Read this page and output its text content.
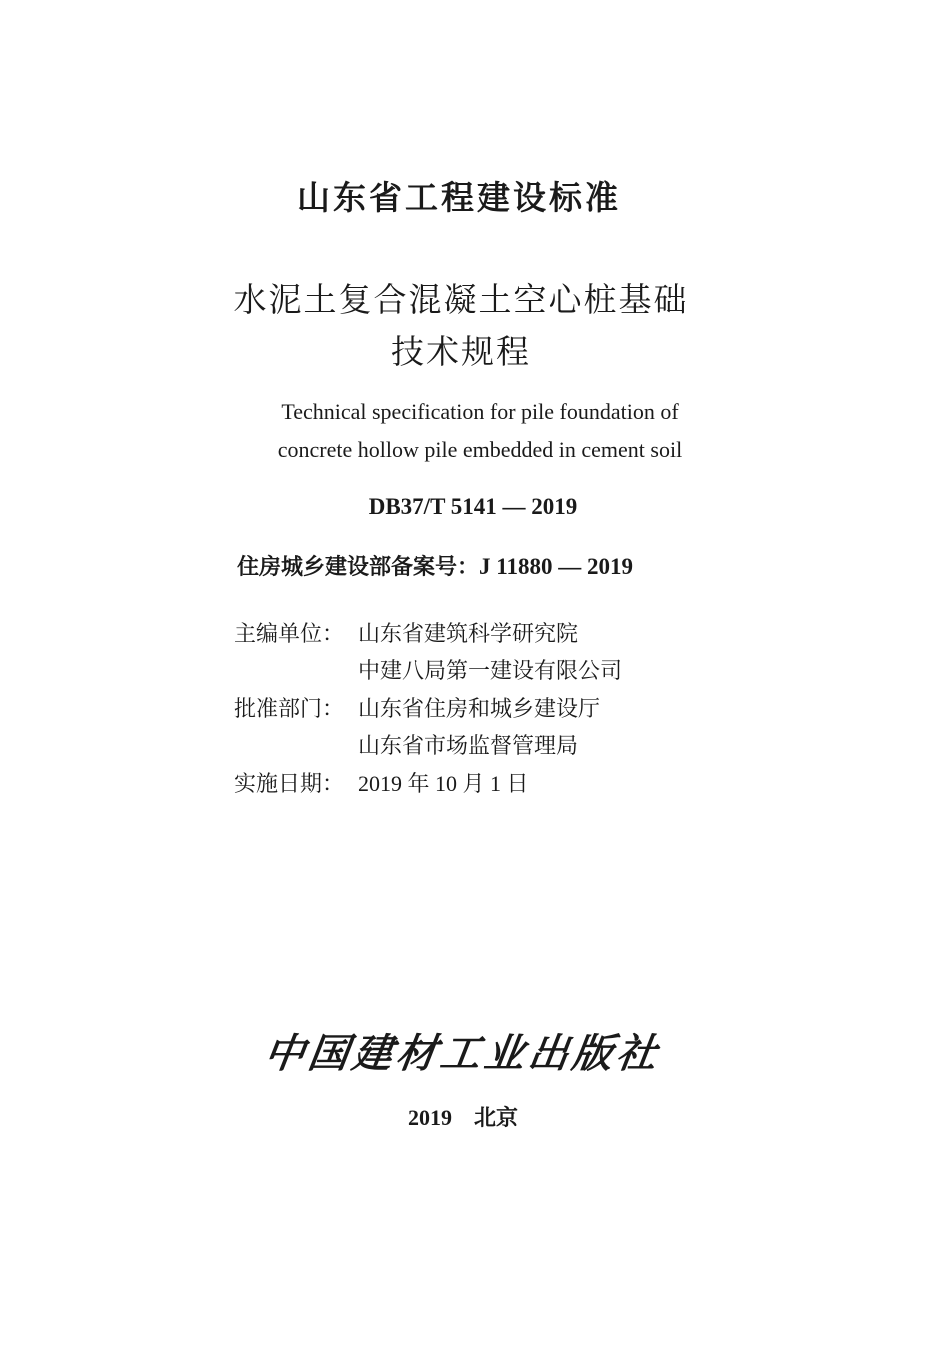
山东省工程建设标准
水泥土复合混凝土空心桩基础
技术规程
Technical specification for pile foundation of
concrete hollow pile embedded in cement soil
DB37/T 5141 — 2019
住房城乡建设部备案号：J 11880 — 2019
主编单位： 山东省建筑科学研究院
中建八局第一建设有限公司
批准部门： 山东省住房和城乡建设厅
山东省市场监督管理局
实施日期： 2019 年 10 月 1 日
中国建材工业出版社
2019　北京
